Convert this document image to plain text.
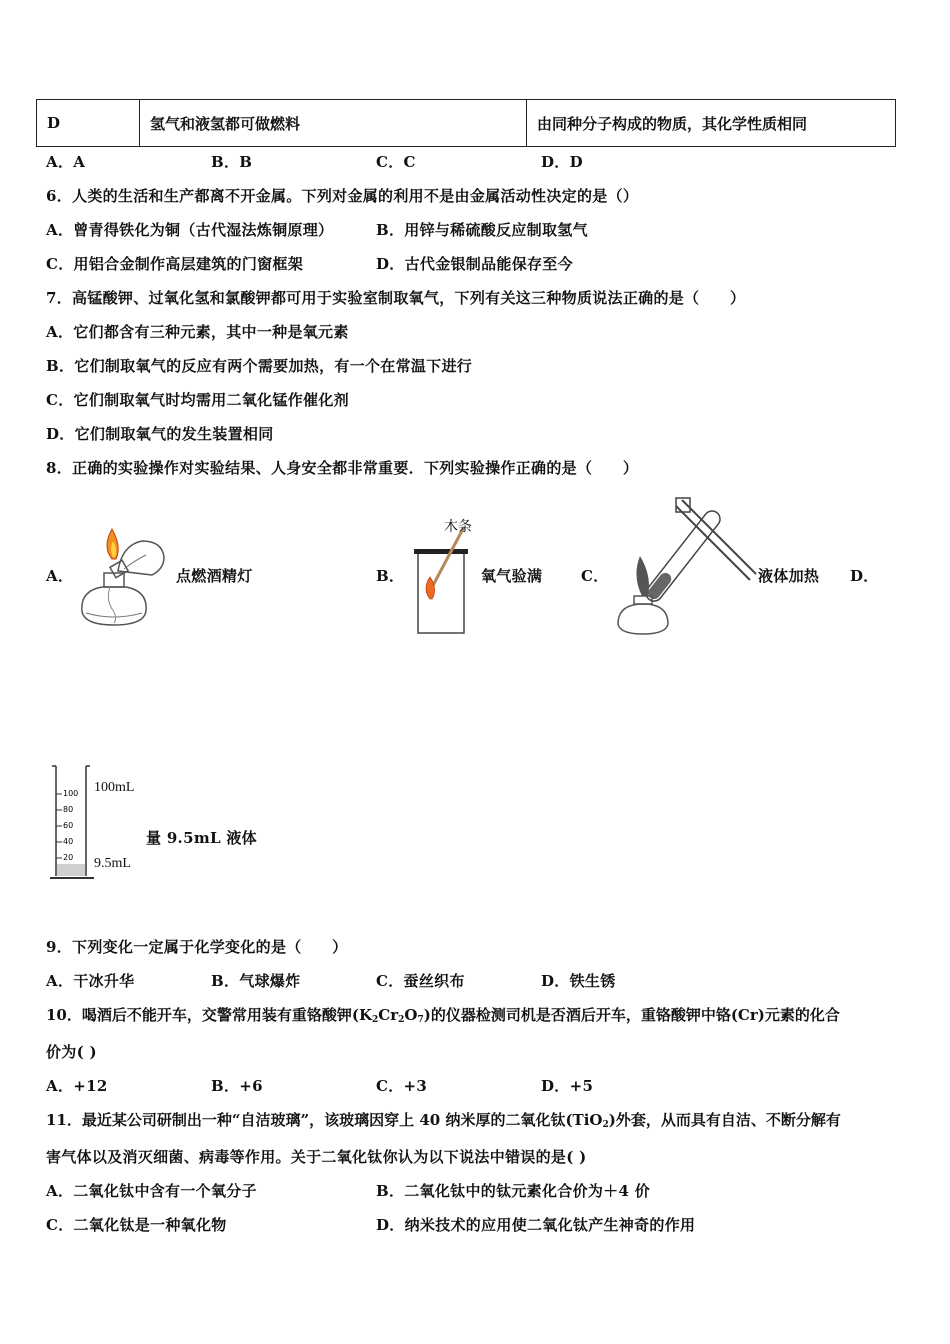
D	氢气和液氢都可做燃料	由同种分子构成的物质，其化学性质相同
A．A	B．B	C．C	D．D
6．人类的生活和生产都离不开金属。下列对金属的利用不是由金属活动性决定的是（）
A．曾青得铁化为铜（古代湿法炼铜原理）	B．用锌与稀硫酸反应制取氢气
C．用铝合金制作高层建筑的门窗框架	D．古代金银制品能保存至今
7．高锰酸钾、过氧化氢和氯酸钾都可用于实验室制取氧气，下列有关这三种物质说法正确的是（　　）
A．它们都含有三种元素，其中一种是氧元素
B．它们制取氧气的反应有两个需要加热，有一个在常温下进行
C．它们制取氧气时均需用二氧化锰作催化剂
D．它们制取氧气的发生装置相同
8．正确的实验操作对实验结果、人身安全都非常重要．下列实验操作正确的是（　　）
A．	点燃酒精灯	B．
木条
氧气验满	C．	液体加热 D．
100
80
60
40
20
100mL
9.5mL
量 9.5mL 液体
9．下列变化一定属于化学变化的是（　　）
A．干冰升华	B．气球爆炸	C．蚕丝织布	D．铁生锈
10．喝酒后不能开车，交警常用装有重铬酸钾$(K_2Cr_2O_7)$的仪器检测司机是否酒后开车，重铬酸钾中铬(Cr)元素的化合
价为( )
A．+12	B．+6	C．+3	D．+5
11．最近某公司研制出一种“自洁玻璃”，该玻璃因穿上 40 纳米厚的二氧化钛(TiO$_2$)外套，从而具有自洁、不断分解有
害气体以及消灭细菌、病毒等作用。关于二氧化钛你认为以下说法中错误的是( )
A．二氧化钛中含有一个氧分子	B．二氧化钛中的钛元素化合价为＋4 价
C．二氧化钛是一种氧化物	D．纳米技术的应用使二氧化钛产生神奇的作用
